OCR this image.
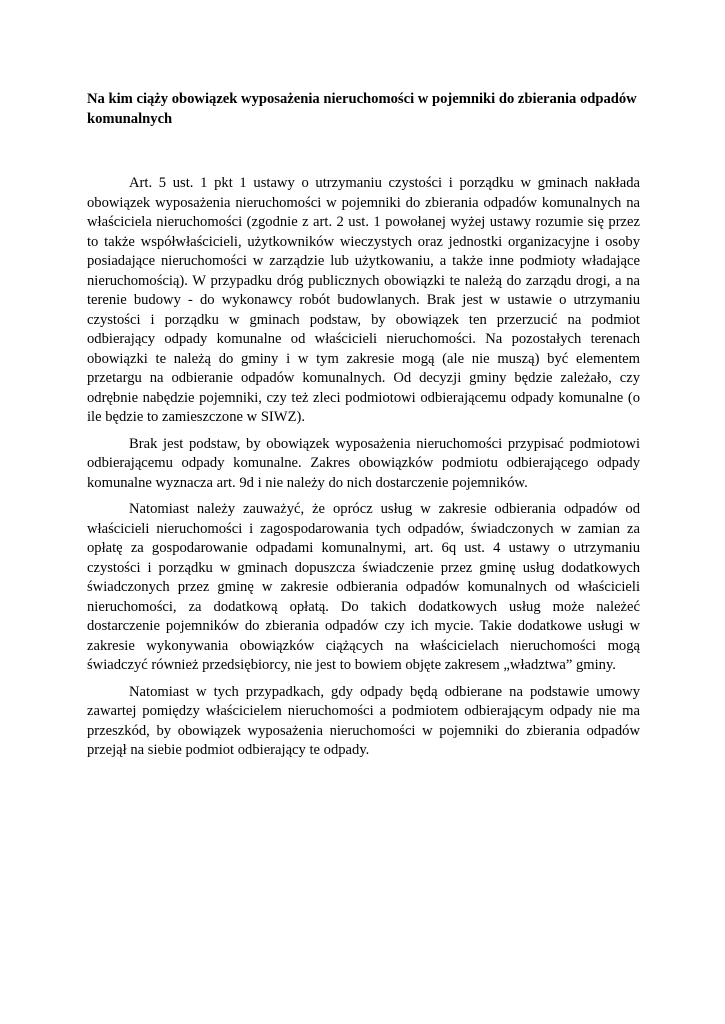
Na kim ciąży obowiązek wyposażenia nieruchomości w pojemniki do zbierania odpadów komunalnych

Art. 5 ust. 1 pkt 1 ustawy o utrzymaniu czystości i porządku w gminach nakłada obowiązek wyposażenia nieruchomości w pojemniki do zbierania odpadów komunalnych na właściciela nieruchomości (zgodnie z art. 2 ust. 1 powołanej wyżej ustawy rozumie się przez to także współwłaścicieli, użytkowników wieczystych oraz jednostki organizacyjne i osoby posiadające nieruchomości w zarządzie lub użytkowaniu, a także inne podmioty władające nieruchomością). W przypadku dróg publicznych obowiązki te należą do zarządu drogi, a na terenie budowy - do wykonawcy robót budowlanych. Brak jest w ustawie o utrzymaniu czystości i porządku w gminach podstaw, by obowiązek ten przerzucić na podmiot odbierający odpady komunalne od właścicieli nieruchomości. Na pozostałych terenach obowiązki te należą do gminy i w tym zakresie mogą (ale nie muszą) być elementem przetargu na odbieranie odpadów komunalnych. Od decyzji gminy będzie zależało, czy odrębnie nabędzie pojemniki, czy też zleci podmiotowi odbierającemu odpady komunalne (o ile będzie to zamieszczone w SIWZ).

Brak jest podstaw, by obowiązek wyposażenia nieruchomości przypisać podmiotowi odbierającemu odpady komunalne. Zakres obowiązków podmiotu odbierającego odpady komunalne wyznacza art. 9d i nie należy do nich dostarczenie pojemników.

Natomiast należy zauważyć, że oprócz usług w zakresie odbierania odpadów od właścicieli nieruchomości i zagospodarowania tych odpadów, świadczonych w zamian za opłatę za gospodarowanie odpadami komunalnymi, art. 6q ust. 4 ustawy o utrzymaniu czystości i porządku w gminach dopuszcza świadczenie przez gminę usług dodatkowych świadczonych przez gminę w zakresie odbierania odpadów komunalnych od właścicieli nieruchomości, za dodatkową opłatą. Do takich dodatkowych usług może należeć dostarczenie pojemników do zbierania odpadów czy ich mycie. Takie dodatkowe usługi w zakresie wykonywania obowiązków ciążących na właścicielach nieruchomości mogą świadczyć również przedsiębiorcy, nie jest to bowiem objęte zakresem „władztwa” gminy.

Natomiast w tych przypadkach, gdy odpady będą odbierane na podstawie umowy zawartej pomiędzy właścicielem nieruchomości a podmiotem odbierającym odpady nie ma przeszkód, by obowiązek wyposażenia nieruchomości w pojemniki do zbierania odpadów przejął na siebie podmiot odbierający te odpady.
